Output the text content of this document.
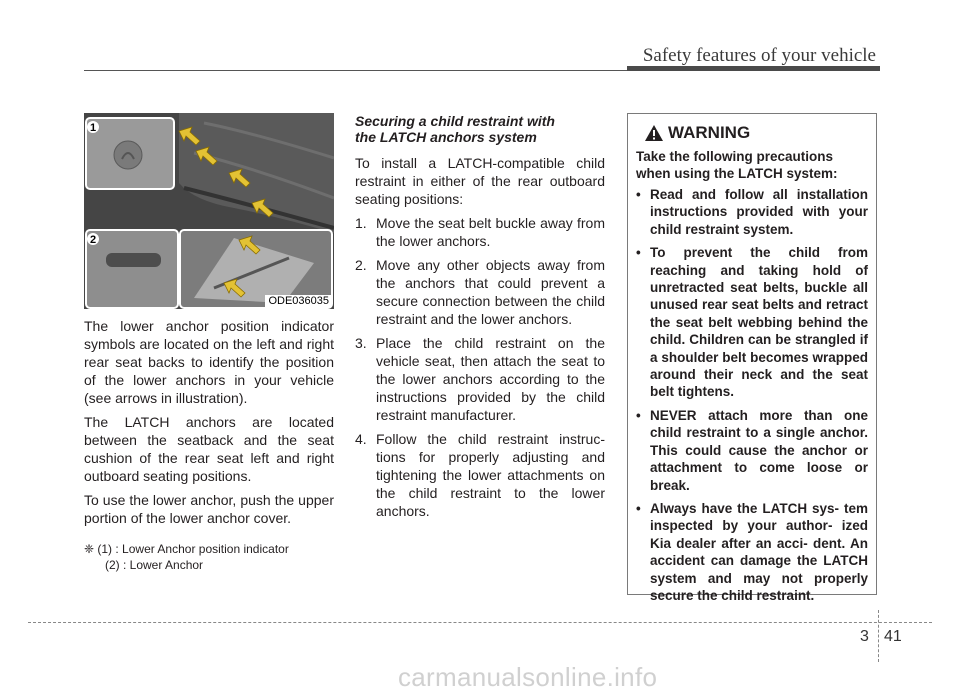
Safety features of your vehicle
1
2
ODE036035

The lower anchor position indicator symbols are located on the left and right rear seat backs to identify the position of the lower anchors in your vehicle (see arrows in illustration).

The LATCH anchors are located between the seatback and the seat cushion of the rear seat left and right outboard seating positions.

To use the lower anchor, push the upper portion of the lower anchor cover.

❈ (1) : Lower Anchor position indicator
(2) : Lower Anchor
Securing a child restraint with
the LATCH anchors system

To install a LATCH-compatible child restraint in either of the rear outboard seating positions:

1. Move the seat belt buckle away from the lower anchors.
2. Move any other objects away from the anchors that could prevent a secure connection between the child restraint and the lower anchors.
3. Place the child restraint on the vehicle seat, then attach the seat to the lower anchors according to the instructions provided by the child restraint manufacturer.
4. Follow the child restraint instruc- tions for properly adjusting and tightening the lower attachments on the child restraint to the lower anchors.
WARNING
Take the following precautions when using the LATCH system:
• Read and follow all installation instructions provided with your child restraint system.
• To prevent the child from reaching and taking hold of unretracted seat belts, buckle all unused rear seat belts and retract the seat belt webbing behind the child. Children can be strangled if a shoulder belt becomes wrapped around their neck and the seat belt tightens.
• NEVER attach more than one child restraint to a single anchor. This could cause the anchor or attachment to come loose or break.
• Always have the LATCH sys- tem inspected by your author- ized Kia dealer after an acci- dent. An accident can damage the LATCH system and may not properly secure the child restraint.
3 41
carmanualsonline.info
